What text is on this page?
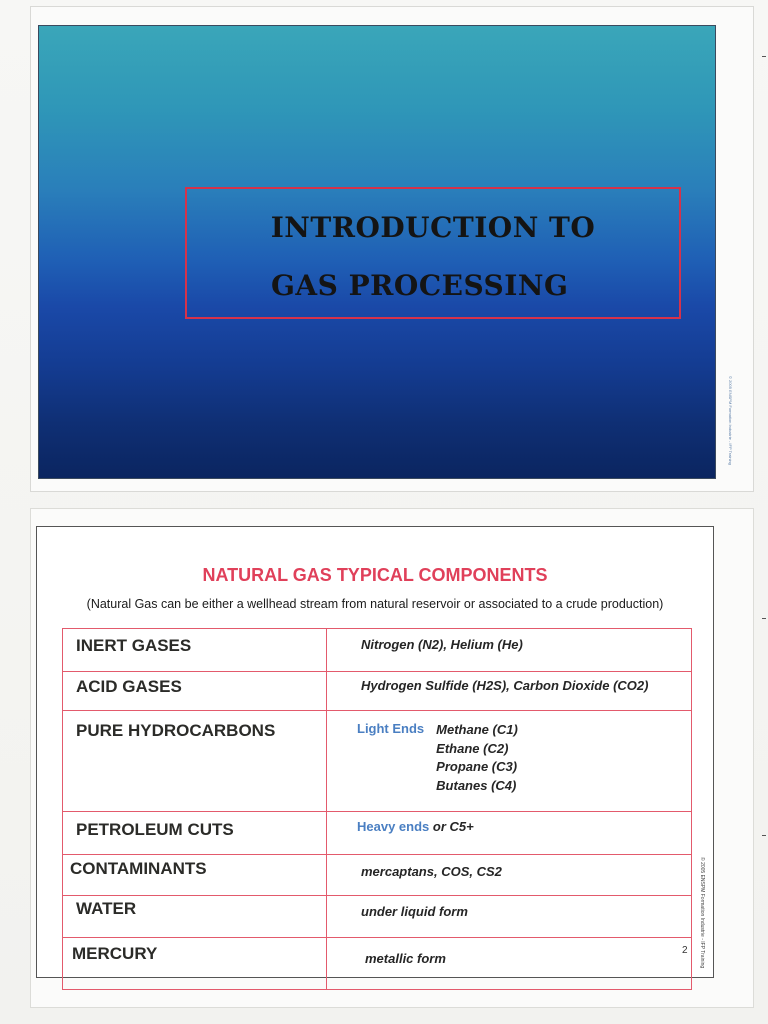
INTRODUCTION TO
GAS PROCESSING
© 2005 ENSPM Formation Industrie - IFP Training
NATURAL GAS TYPICAL COMPONENTS
(Natural Gas can be either a wellhead stream from natural reservoir or associated to a crude production)
INERT GASES	Nitrogen (N2), Helium (He)
ACID GASES	Hydrogen Sulfide (H2S), Carbon Dioxide (CO2)
PURE HYDROCARBONS	Light Ends Methane (C1)
Ethane (C2)
Propane (C3)
Butanes (C4)

PETROLEUM CUTS	Heavy ends or C5+
CONTAMINANTS	mercaptans, COS, CS2
WATER	under liquid form
MERCURY	metallic form
2 © 2005 ENSPM Formation Industrie - IFP Training
